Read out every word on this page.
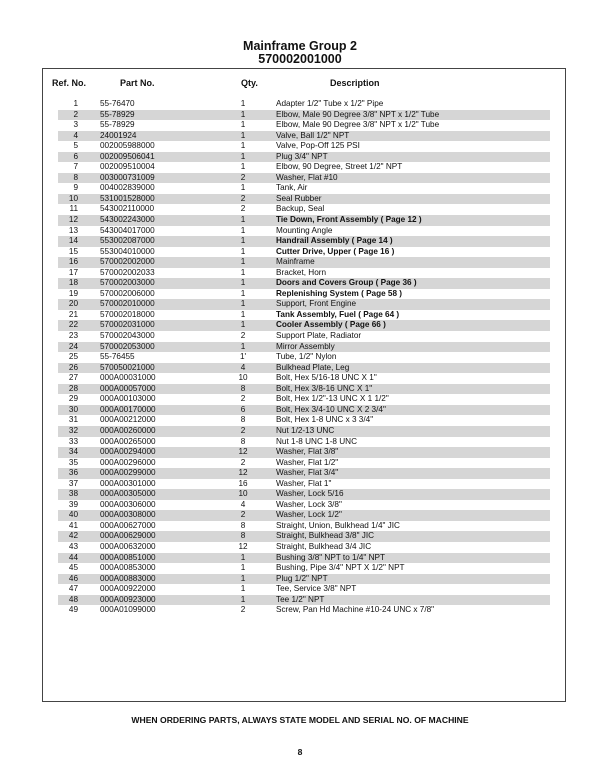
Mainframe Group 2
570002001000
Ref. No.	Part No.	Qty.	Description
1	55-76470	1	Adapter 1/2" Tube x 1/2" Pipe
2	55-78929	1	Elbow, Male 90 Degree 3/8" NPT x 1/2" Tube
3	55-78929	1	Elbow, Male 90 Degree 3/8" NPT x 1/2" Tube
4	24001924	1	Valve, Ball 1/2" NPT
5	002005988000	1	Valve, Pop-Off 125 PSI
6	002009506041	1	Plug 3/4" NPT
7	002009510004	1	Elbow, 90 Degree, Street 1/2" NPT
8	003000731009	2	Washer, Flat #10
9	004002839000	1	Tank, Air
10	531001528000	2	Seal Rubber
11	543002110000	2	Backup, Seal
12	543002243000	1	Tie Down, Front Assembly ( Page 12 )
13	543004017000	1	Mounting Angle
14	553002087000	1	Handrail Assembly ( Page 14 )
15	553004010000	1	Cutter Drive, Upper ( Page 16 )
16	570002002000	1	Mainframe
17	570002002033	1	Bracket, Horn
18	570002003000	1	Doors and Covers Group ( Page 36 )
19	570002006000	1	Replenishing System ( Page 58 )
20	570002010000	1	Support, Front Engine
21	570002018000	1	Tank Assembly, Fuel ( Page 64 )
22	570002031000	1	Cooler Assembly ( Page 66 )
23	570002043000	2	Support Plate, Radiator
24	570002053000	1	Mirror Assembly
25	55-76455	1'	Tube, 1/2" Nylon
26	570050021000	4	Bulkhead Plate, Leg
27	000A00031000	10	Bolt, Hex 5/16-18 UNC X 1"
28	000A00057000	8	Bolt, Hex 3/8-16 UNC X 1"
29	000A00103000	2	Bolt, Hex 1/2"-13 UNC X 1 1/2"
30	000A00170000	6	Bolt, Hex 3/4-10 UNC X 2 3/4"
31	000A00212000	8	Bolt, Hex 1-8 UNC x 3 3/4"
32	000A00260000	2	Nut 1/2-13 UNC
33	000A00265000	8	Nut 1-8 UNC 1-8 UNC
34	000A00294000	12	Washer, Flat 3/8"
35	000A00296000	2	Washer, Flat 1/2"
36	000A00299000	12	Washer, Flat 3/4"
37	000A00301000	16	Washer, Flat 1"
38	000A00305000	10	Washer, Lock 5/16
39	000A00306000	4	Washer, Lock 3/8"
40	000A00308000	2	Washer, Lock 1/2"
41	000A00627000	8	Straight, Union, Bulkhead 1/4" JIC
42	000A00629000	8	Straight, Bulkhead 3/8" JIC
43	000A00632000	12	Straight, Bulkhead 3/4 JIC
44	000A00851000	1	Bushing 3/8" NPT to 1/4" NPT
45	000A00853000	1	Bushing, Pipe 3/4" NPT X 1/2" NPT
46	000A00883000	1	Plug 1/2" NPT
47	000A00922000	1	Tee, Service 3/8" NPT
48	000A00923000	1	Tee 1/2" NPT
49	000A01099000	2	Screw, Pan Hd Machine #10-24 UNC x 7/8"
WHEN ORDERING PARTS, ALWAYS STATE MODEL AND SERIAL NO. OF MACHINE
8
